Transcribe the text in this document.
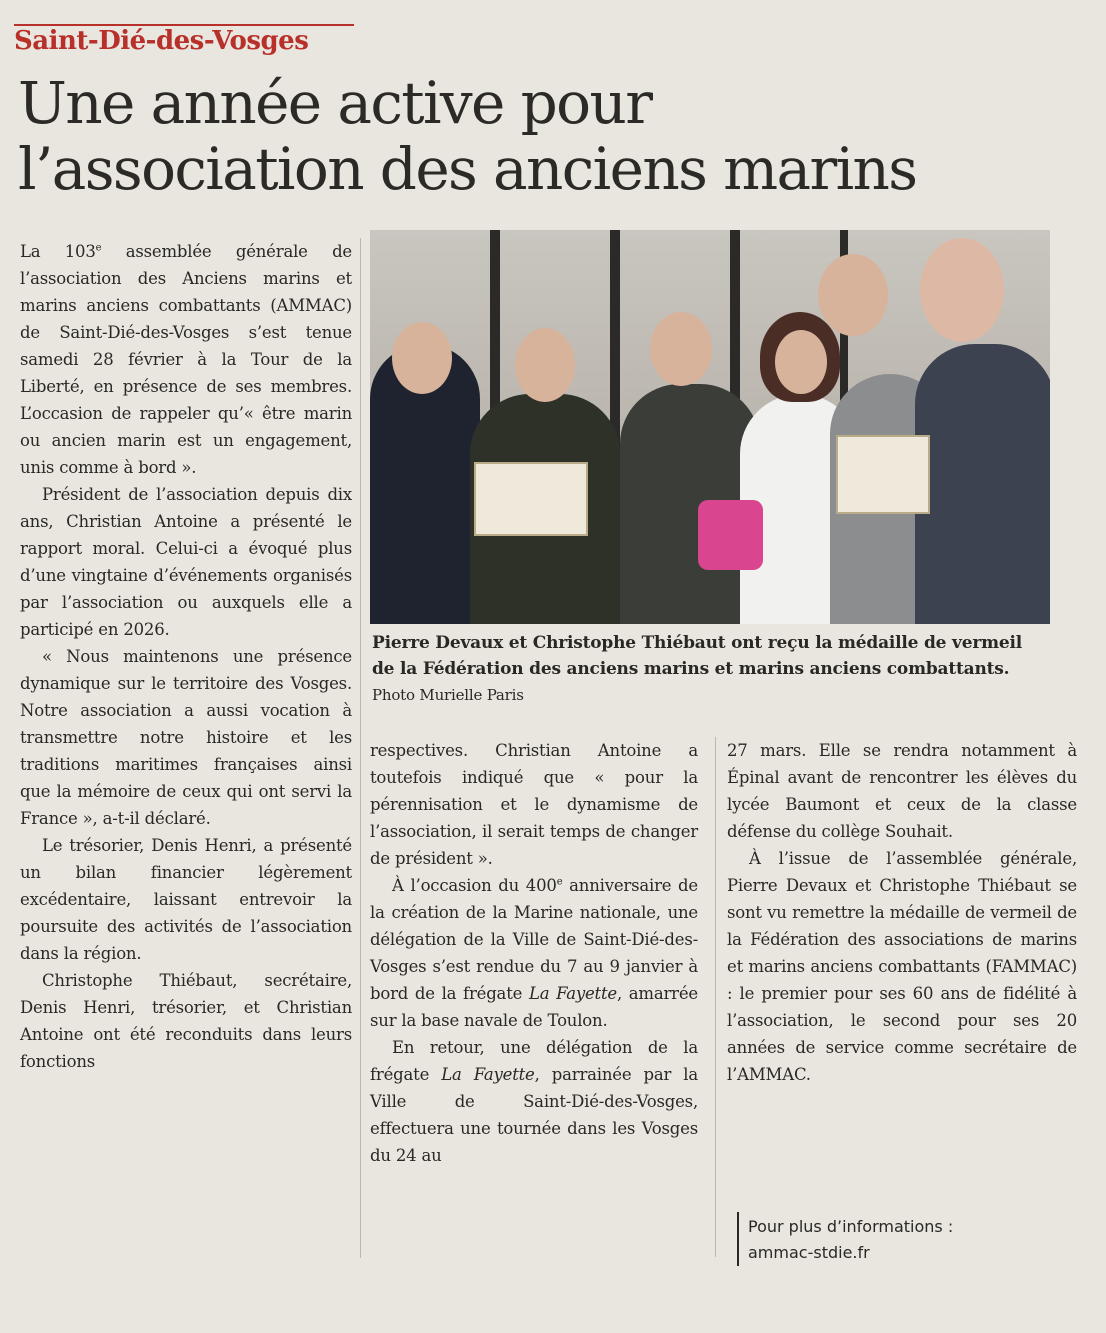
Saint-Dié-des-Vosges
Une année active pour
l’association des anciens marins

La 103e assemblée générale de l’association des Anciens marins et marins anciens combattants (AMMAC) de Saint-Dié-des-Vosges s’est tenue samedi 28 février à la Tour de la Liberté, en présence de ses membres. L’occasion de rappeler qu’« être marin ou ancien marin est un engagement, unis comme à bord ».

Président de l’association depuis dix ans, Christian Antoine a présenté le rapport moral. Celui-ci a évoqué plus d’une vingtaine d’événements organisés par l’association ou auxquels elle a participé en 2026.

« Nous maintenons une présence dynamique sur le territoire des Vosges. Notre association a aussi vocation à transmettre notre histoire et les traditions maritimes françaises ainsi que la mémoire de ceux qui ont servi la France », a-t-il déclaré.

Le trésorier, Denis Henri, a présenté un bilan financier légèrement excédentaire, laissant entrevoir la poursuite des activités de l’association dans la région.

Christophe Thiébaut, secrétaire, Denis Henri, trésorier, et Christian Antoine ont été reconduits dans leurs fonctions

Pierre Devaux et Christophe Thiébaut ont reçu la médaille de vermeil de la Fédération des anciens marins et marins anciens combattants. Photo Murielle Paris

respectives. Christian Antoine a toutefois indiqué que « pour la pérennisation et le dynamisme de l’association, il serait temps de changer de président ».

À l’occasion du 400e anniversaire de la création de la Marine nationale, une délégation de la Ville de Saint-Dié-des-Vosges s’est rendue du 7 au 9 janvier à bord de la frégate La Fayette, amarrée sur la base navale de Toulon.

En retour, une délégation de la frégate La Fayette, parrainée par la Ville de Saint-Dié-des-Vosges, effectuera une tournée dans les Vosges du 24 au

27 mars. Elle se rendra notamment à Épinal avant de rencontrer les élèves du lycée Baumont et ceux de la classe défense du collège Souhait.

À l’issue de l’assemblée générale, Pierre Devaux et Christophe Thiébaut se sont vu remettre la médaille de vermeil de la Fédération des associations de marins et marins anciens combattants (FAMMAC) : le premier pour ses 60 ans de fidélité à l’association, le second pour ses 20 années de service comme secrétaire de l’AMMAC.

Pour plus d’informations :
ammac-stdie.fr
